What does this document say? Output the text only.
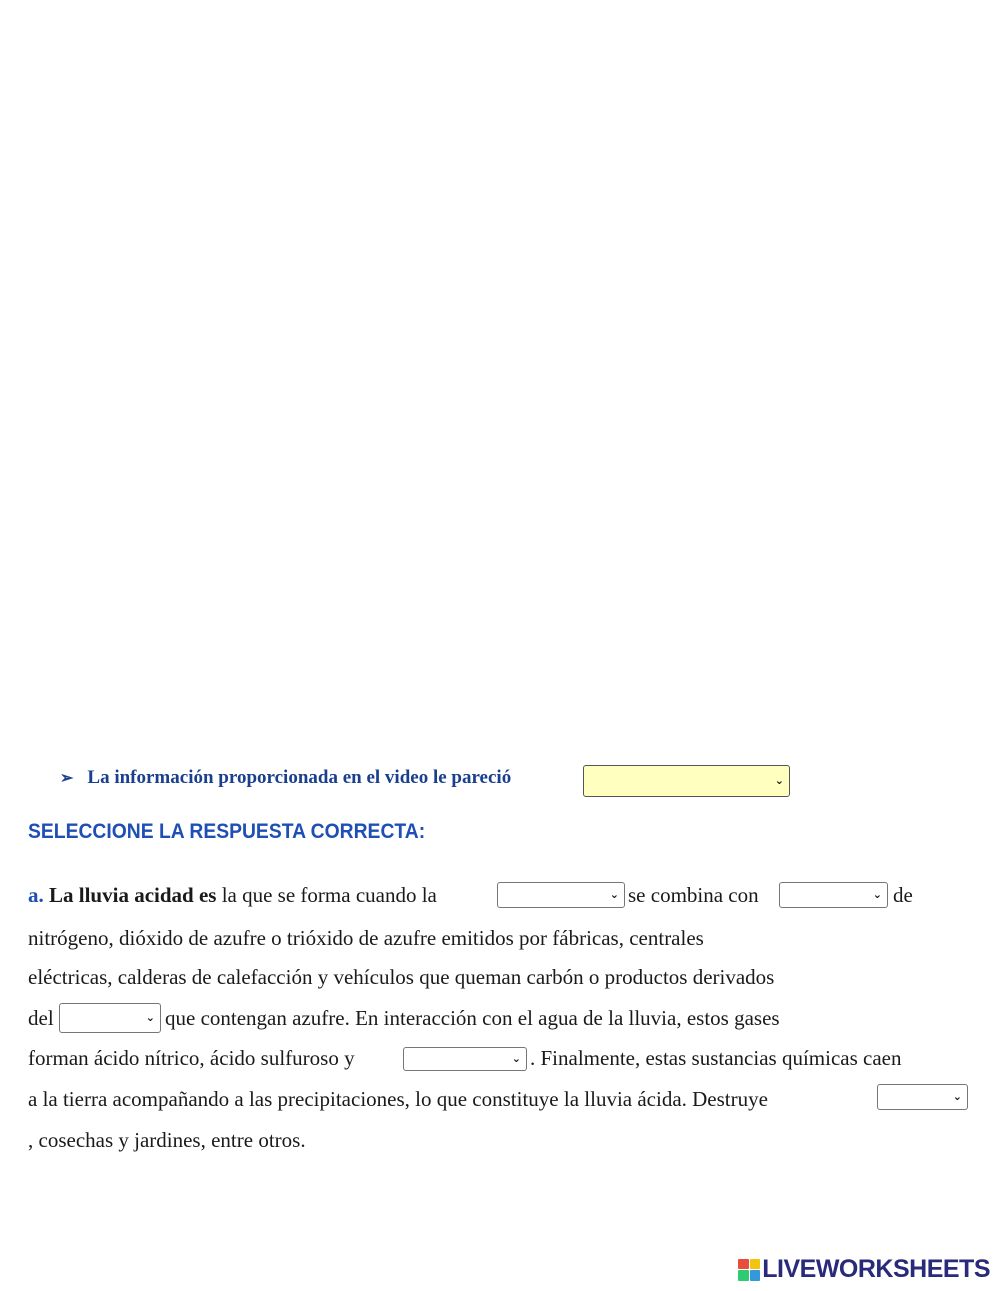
➢ La información proporcionada en el video le pareció	⌄
SELECCIONE LA RESPUESTA CORRECTA:
a. La lluvia acidad es la que se forma cuando la	⌄ se combina con	⌄ de
nitrógeno, dióxido de azufre o trióxido de azufre emitidos por fábricas, centrales
eléctricas, calderas de calefacción y vehículos que queman carbón o productos derivados
del	⌄ que contengan azufre. En interacción con el agua de la lluvia, estos gases
forman ácido nítrico, ácido sulfuroso y	⌄ . Finalmente, estas sustancias químicas caen
a la tierra acompañando a las precipitaciones, lo que constituye la lluvia ácida. Destruye	⌄
, cosechas y jardines, entre otros.
LIVEWORKSHEETS
